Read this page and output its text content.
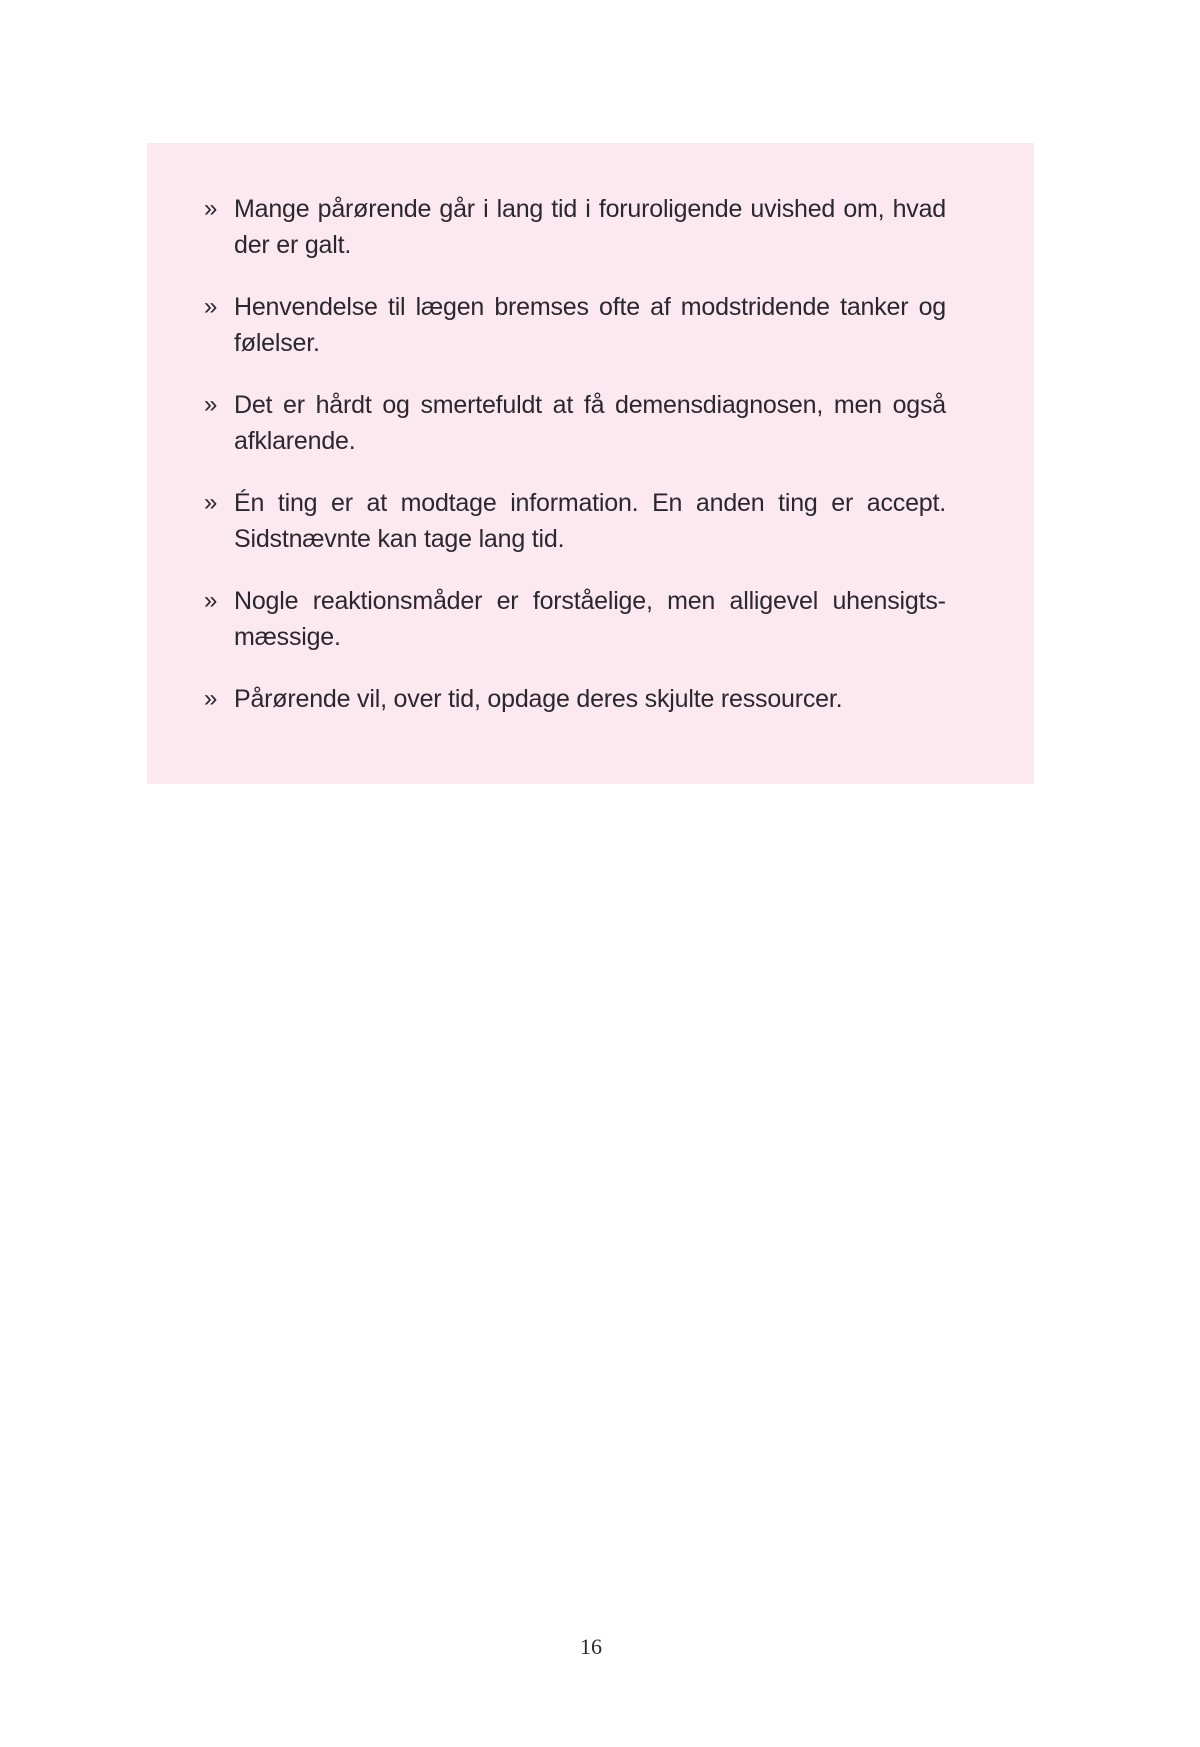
» Mange pårørende går i lang tid i foruroligende uvished om, hvad der er galt.
» Henvendelse til lægen bremses ofte af modstridende tanker og følelser.
» Det er hårdt og smertefuldt at få demensdiagnosen, men også afklarende.
» Én ting er at modtage information. En anden ting er accept. Sidstnævnte kan tage lang tid.
» Nogle reaktionsmåder er forståelige, men alligevel uhensigtsmæssige.
» Pårørende vil, over tid, opdage deres skjulte ressourcer.
16
